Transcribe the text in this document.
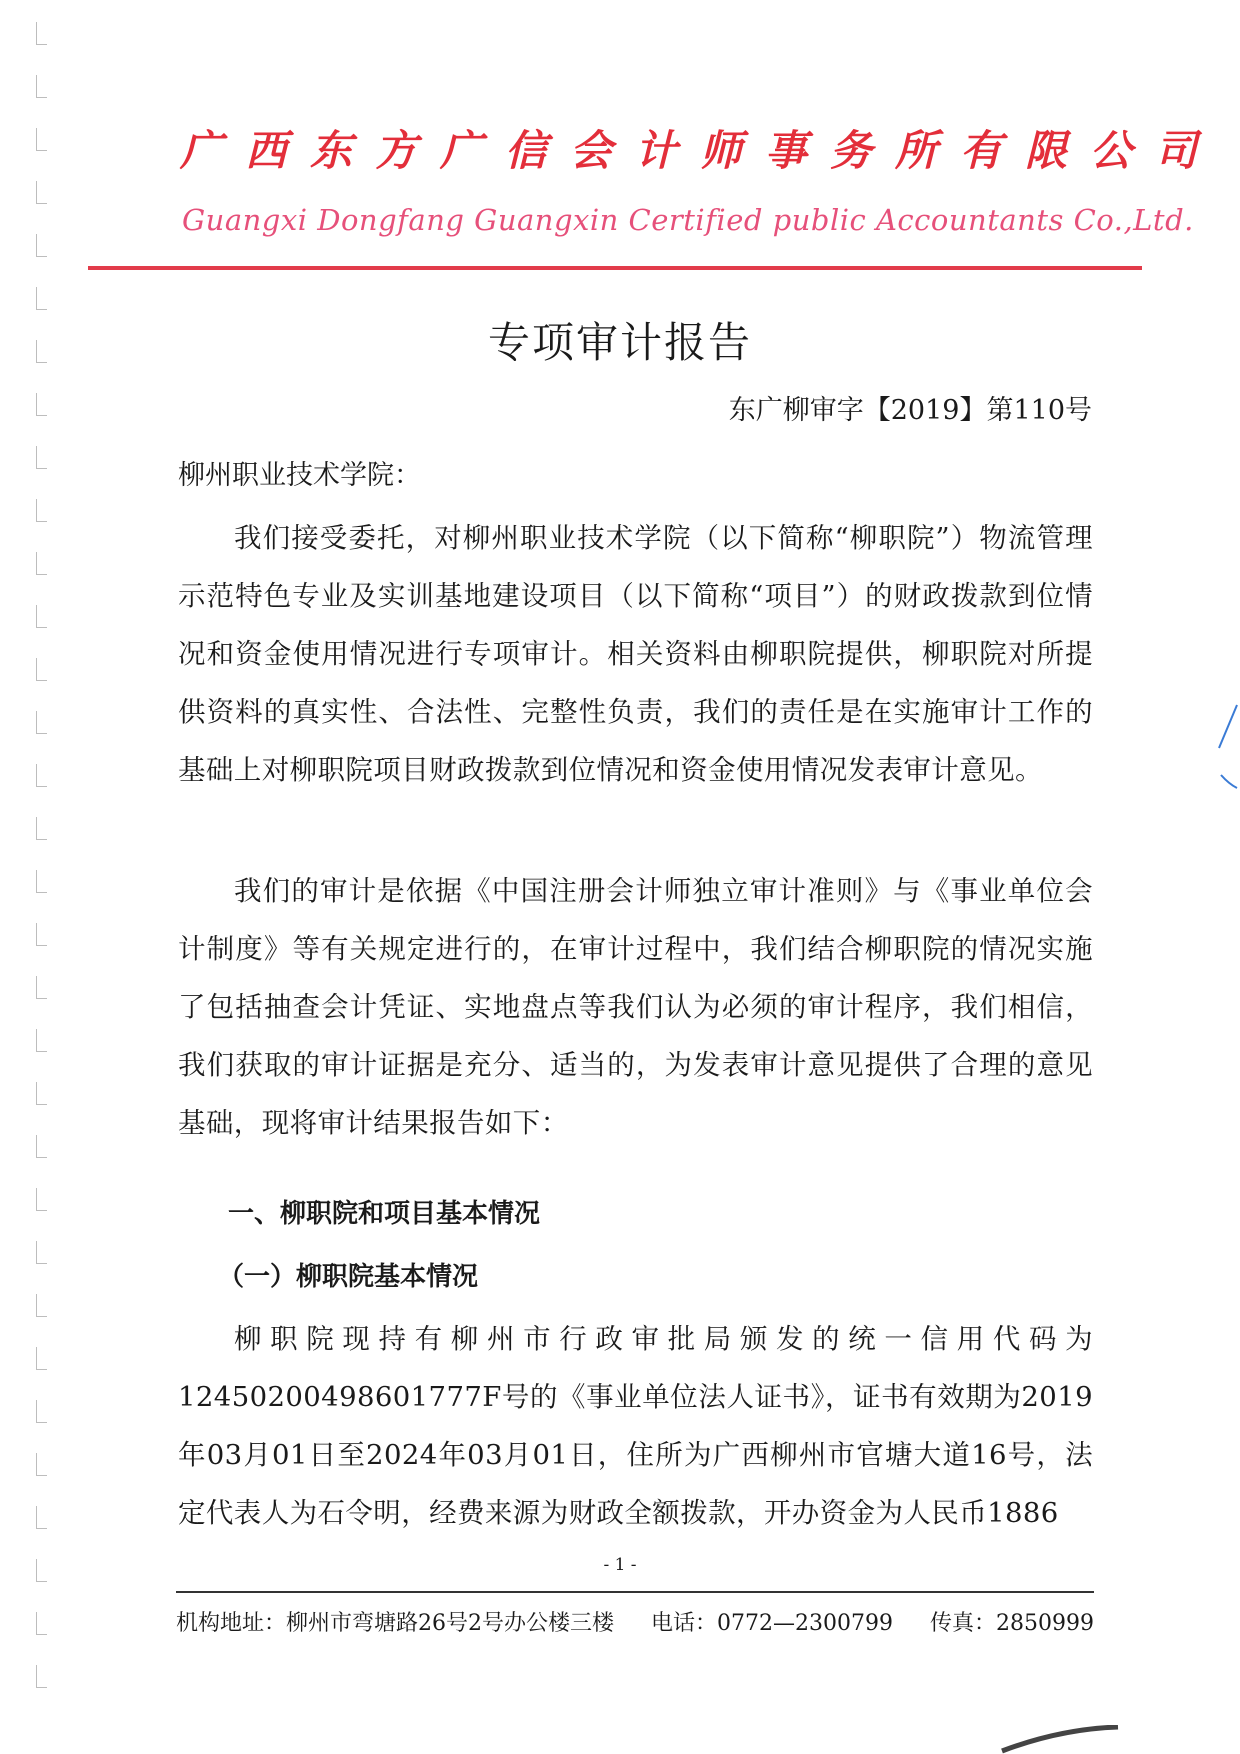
广西东方广信会计师事务所有限公司
Guangxi Dongfang Guangxin Certified public Accountants Co.,Ltd.
专项审计报告
东广柳审字【2019】第110号
柳州职业技术学院：

我们接受委托，对柳州职业技术学院（以下简称“柳职院”）物流管理示范特色专业及实训基地建设项目（以下简称“项目”）的财政拨款到位情况和资金使用情况进行专项审计。相关资料由柳职院提供，柳职院对所提供资料的真实性、合法性、完整性负责，我们的责任是在实施审计工作的基础上对柳职院项目财政拨款到位情况和资金使用情况发表审计意见。

我们的审计是依据《中国注册会计师独立审计准则》与《事业单位会计制度》等有关规定进行的，在审计过程中，我们结合柳职院的情况实施了包括抽查会计凭证、实地盘点等我们认为必须的审计程序，我们相信，我们获取的审计证据是充分、适当的，为发表审计意见提供了合理的意见基础，现将审计结果报告如下：

一、柳职院和项目基本情况
（一）柳职院基本情况

柳职院现持有柳州市行政审批局颁发的统一信用代码为12450200498601777F号的《事业单位法人证书》，证书有效期为2019年03月01日至2024年03月01日，住所为广西柳州市官塘大道16号，法定代表人为石令明，经费来源为财政全额拨款，开办资金为人民币1886

- 1 -
机构地址：柳州市弯塘路26号2号办公楼三楼 电话：0772—2300799 传真：2850999
